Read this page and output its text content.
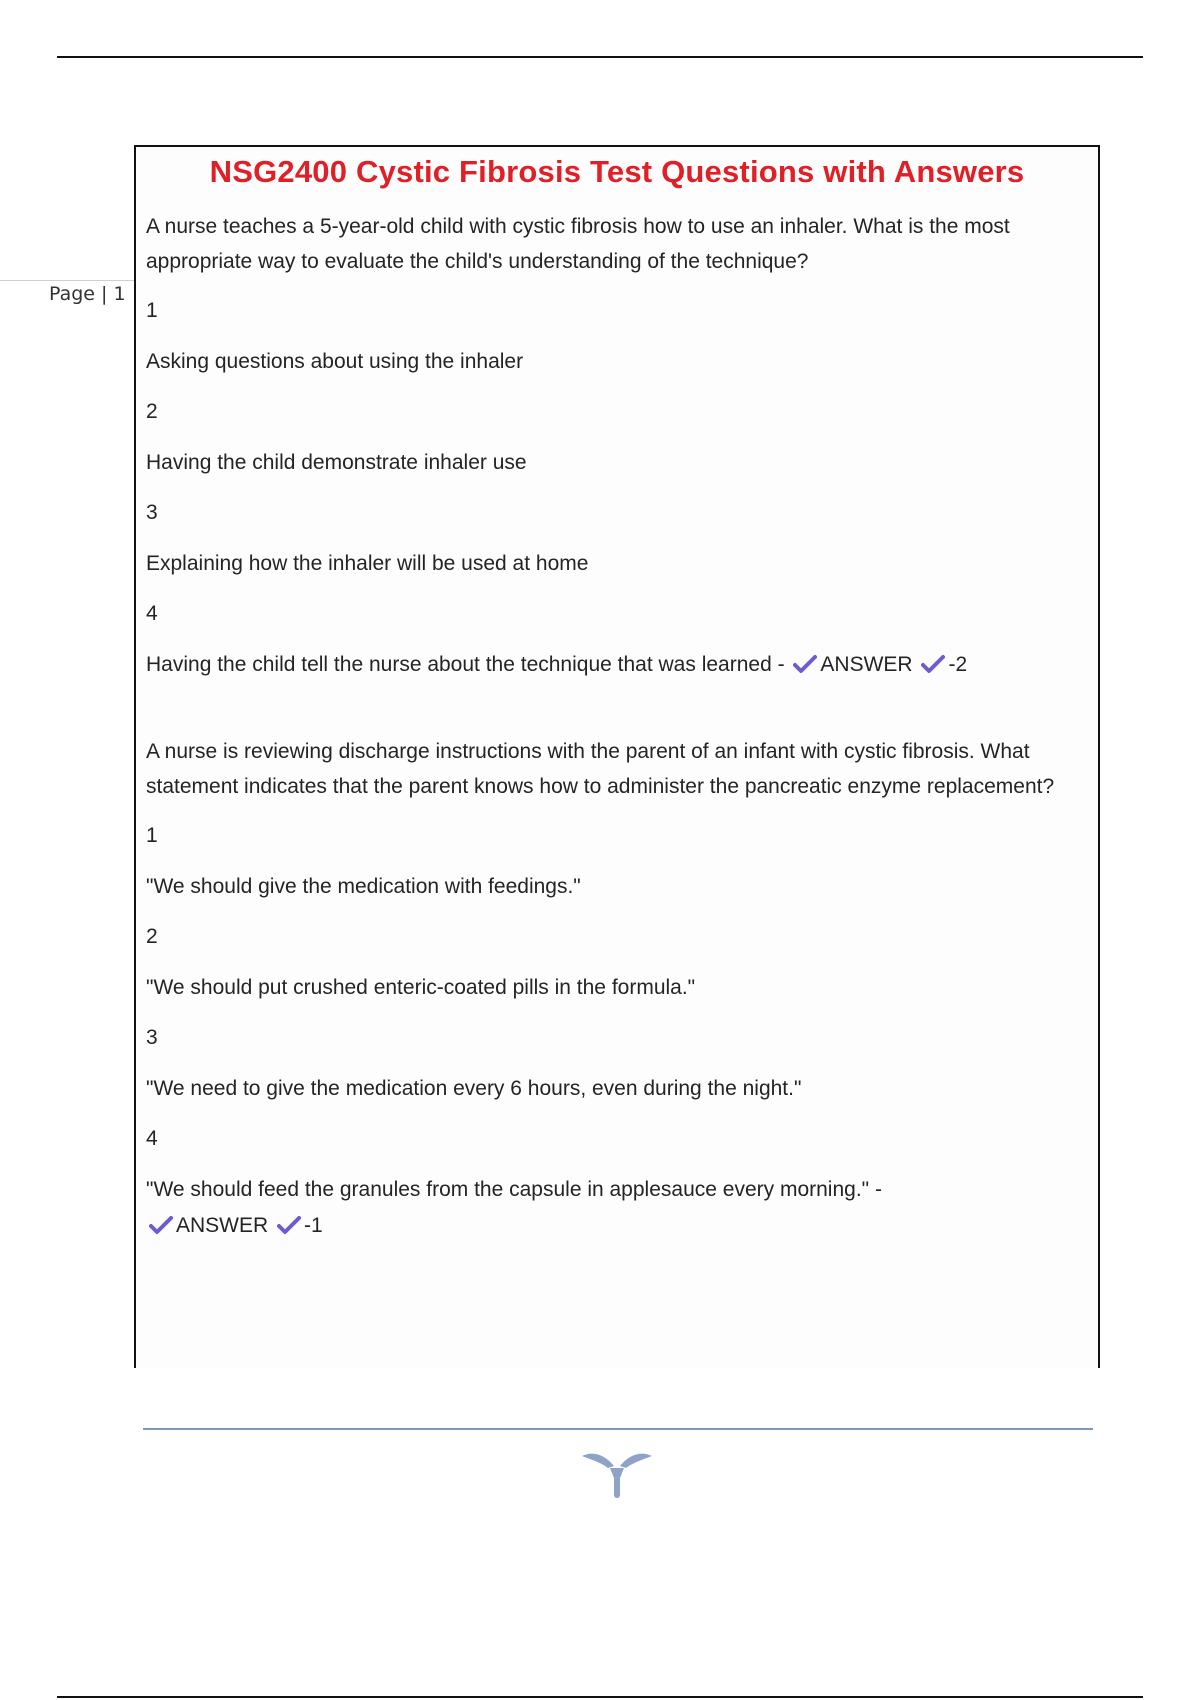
Page | 1
NSG2400 Cystic Fibrosis Test Questions with Answers

A nurse teaches a 5-year-old child with cystic fibrosis how to use an inhaler. What is the most appropriate way to evaluate the child's understanding of the technique?

1

Asking questions about using the inhaler

2

Having the child demonstrate inhaler use

3

Explaining how the inhaler will be used at home

4

Having the child tell the nurse about the technique that was learned - ANSWER -2

A nurse is reviewing discharge instructions with the parent of an infant with cystic fibrosis. What statement indicates that the parent knows how to administer the pancreatic enzyme replacement?

1

"We should give the medication with feedings."

2

"We should put crushed enteric-coated pills in the formula."

3

"We need to give the medication every 6 hours, even during the night."

4

"We should feed the granules from the capsule in applesauce every morning." -

ANSWER -1
